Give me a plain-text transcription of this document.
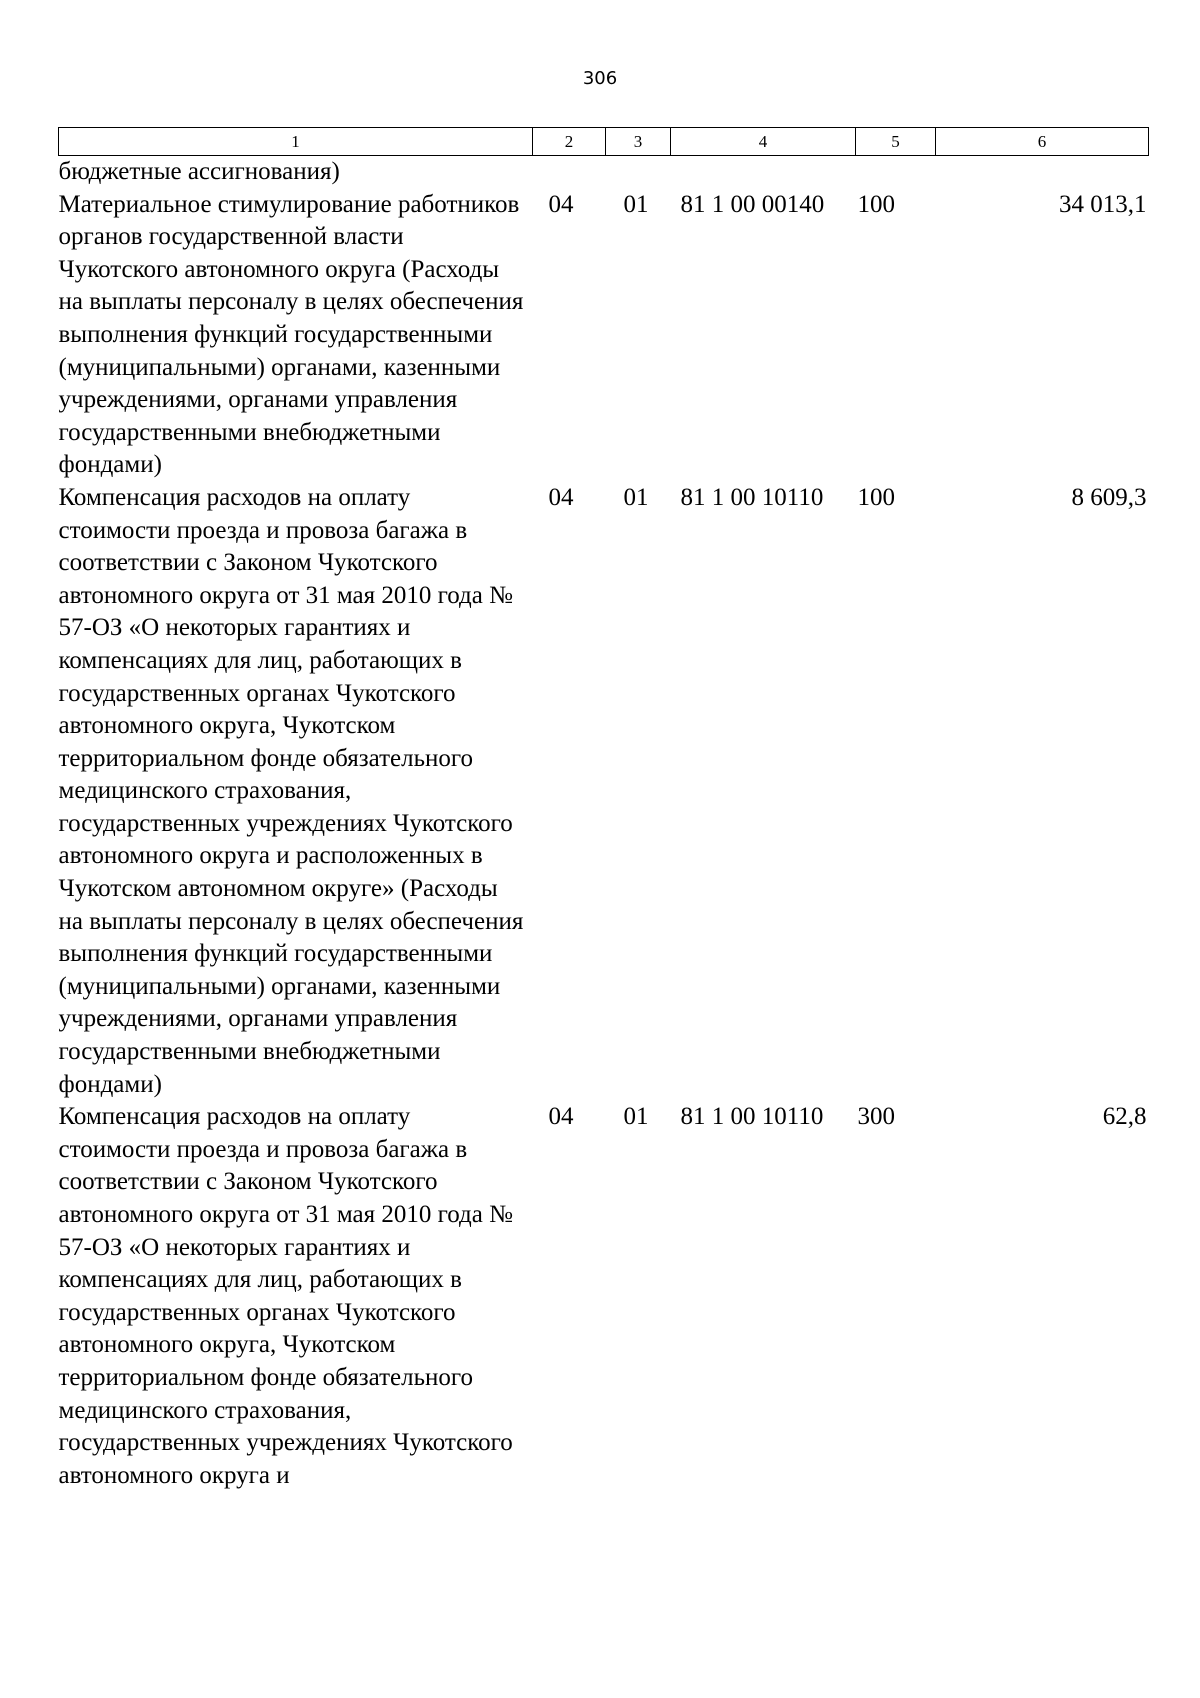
306
1	2	3	4	5	6
бюджетные ассигнования)					
Материальное стимулирование работников органов государственной власти Чукотского автономного округа (Расходы на выплаты персоналу в целях обеспечения выполнения функций государственными (муниципальными) органами, казенными учреждениями, органами управления государственными внебюджетными фондами)	04	01	81 1 00 00140	100	34 013,1
Компенсация расходов на оплату стоимости проезда и провоза багажа в соответствии с Законом Чукотского автономного округа от 31 мая 2010 года № 57-ОЗ «О некоторых гарантиях и компенсациях для лиц, работающих в государственных органах Чукотского автономного округа, Чукотском территориальном фонде обязательного медицинского страхования, государственных учреждениях Чукотского автономного округа и расположенных в Чукотском автономном округе» (Расходы на выплаты персоналу в целях обеспечения выполнения функций государственными (муниципальными) органами, казенными учреждениями, органами управления государственными внебюджетными фондами)	04	01	81 1 00 10110	100	8 609,3
Компенсация расходов на оплату стоимости проезда и провоза багажа в соответствии с Законом Чукотского автономного округа от 31 мая 2010 года № 57-ОЗ «О некоторых гарантиях и компенсациях для лиц, работающих в государственных органах Чукотского автономного округа, Чукотском территориальном фонде обязательного медицинского страхования, государственных учреждениях Чукотского автономного округа и	04	01	81 1 00 10110	300	62,8
